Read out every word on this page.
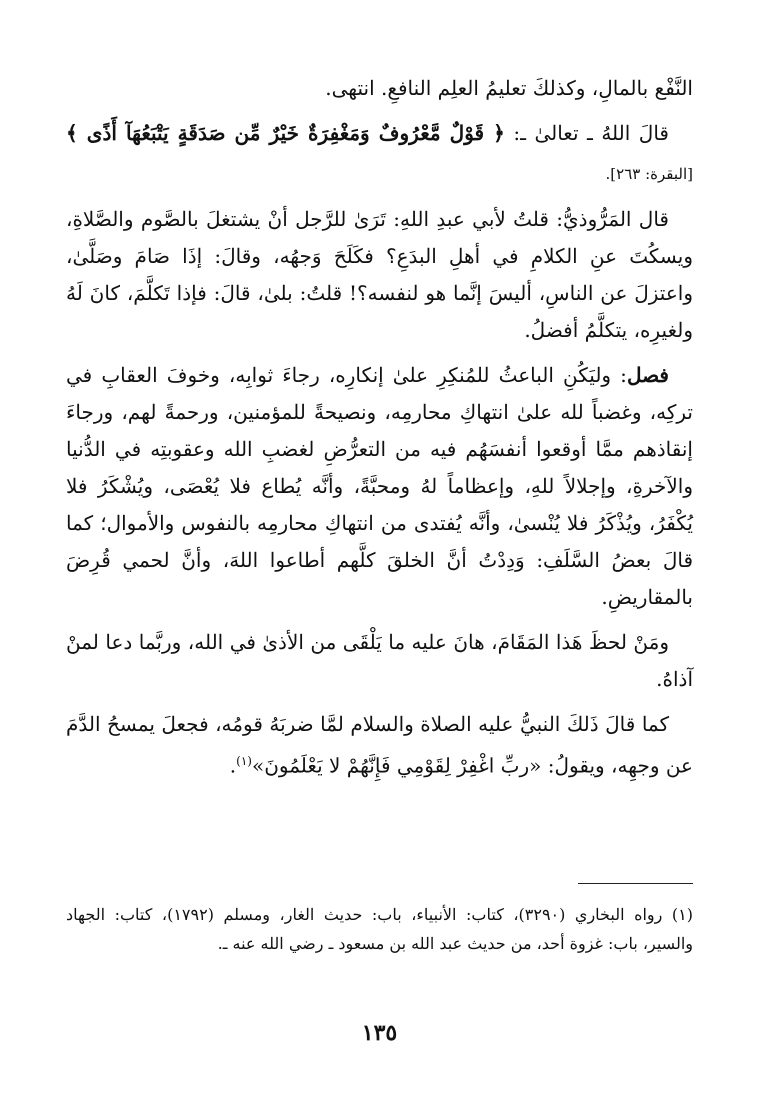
النَّفْع بالمالِ، وكذلكَ تعليمُ العلِم النافعِ. انتهى.

قالَ اللهُ ـ تعالىٰ ـ: ﴿ قَوْلٌ مَّعْرُوفٌ وَمَغْفِرَةٌ خَيْرٌ مِّن صَدَقَةٍ يَتْبَعُهَآ أَذًى ﴾ [البقرة: ٢٦٣].

قال المَرُّوذيُّ: قلتُ لأبي عبدِ اللهِ: تَرَىٰ للرَّجل أنْ يشتغلَ بالصَّوم والصَّلاةِ، ويسكُتَ عنِ الكلامِ في أهلِ البدَعِ؟ فكَلَحَ وَجهُه، وقالَ: إذَا صَامَ وصَلَّىٰ، واعتزلَ عن الناسِ، أليسَ إنَّما هو لنفسه؟! قلتُ: بلىٰ، قالَ: فإذا تَكلَّمَ، كانَ لَهُ ولغيرِه، يتكلَّمُ أفضلُ.

فصل: وليَكُنِ الباعثُ للمُنكِرِ علىٰ إنكارِه، رجاءَ ثوابِه، وخوفَ العقابِ في تركِه، وغضباً لله علىٰ انتهاكِ محارمِه، ونصيحةً للمؤمنين، ورحمةً لهم، ورجاءَ إنقاذهم ممَّا أوقعوا أنفسَهُم فيه من التعرُّضِ لغضبِ الله وعقوبتِه في الدُّنيا والآخرةِ، وإجلالاً للهِ، وإعظاماً لهُ ومحبَّةً، وأنَّه يُطاع فلا يُعْصَى، ويُشْكَرُ فلا يُكْفَرُ، ويُذْكَرُ فلا يُنْسىٰ، وأنَّه يُفتدى من انتهاكِ محارمِه بالنفوس والأموال؛ كما قالَ بعضُ السَّلَفِ: وَدِدْتُ أنَّ الخلقَ كلَّهم أطاعوا اللهَ، وأنَّ لحمي قُرِضَ بالمقاريضِ.

ومَنْ لحظَ هَذا المَقَامَ، هانَ عليه ما يَلْقَى من الأذىٰ في الله، وربَّما دعا لمنْ آذاهُ.

كما قالَ ذَلكَ النبيُّ عليه الصلاة والسلام لمَّا ضربَهُ قومُه، فجعلَ يمسحُ الدَّمَ عن وجهِه، ويقولُ: «ربِّ اغْفِرْ لِقَوْمِي فَإِنَّهُمْ لا يَعْلَمُونَ»$^{(١)}$.

(١) رواه البخاري (٣٢٩٠)، كتاب: الأنبياء، باب: حديث الغار، ومسلم (١٧٩٢)، كتاب: الجهاد والسير، باب: غزوة أحد، من حديث عبد الله بن مسعود ـ رضي الله عنه ـ.

١٣٥
